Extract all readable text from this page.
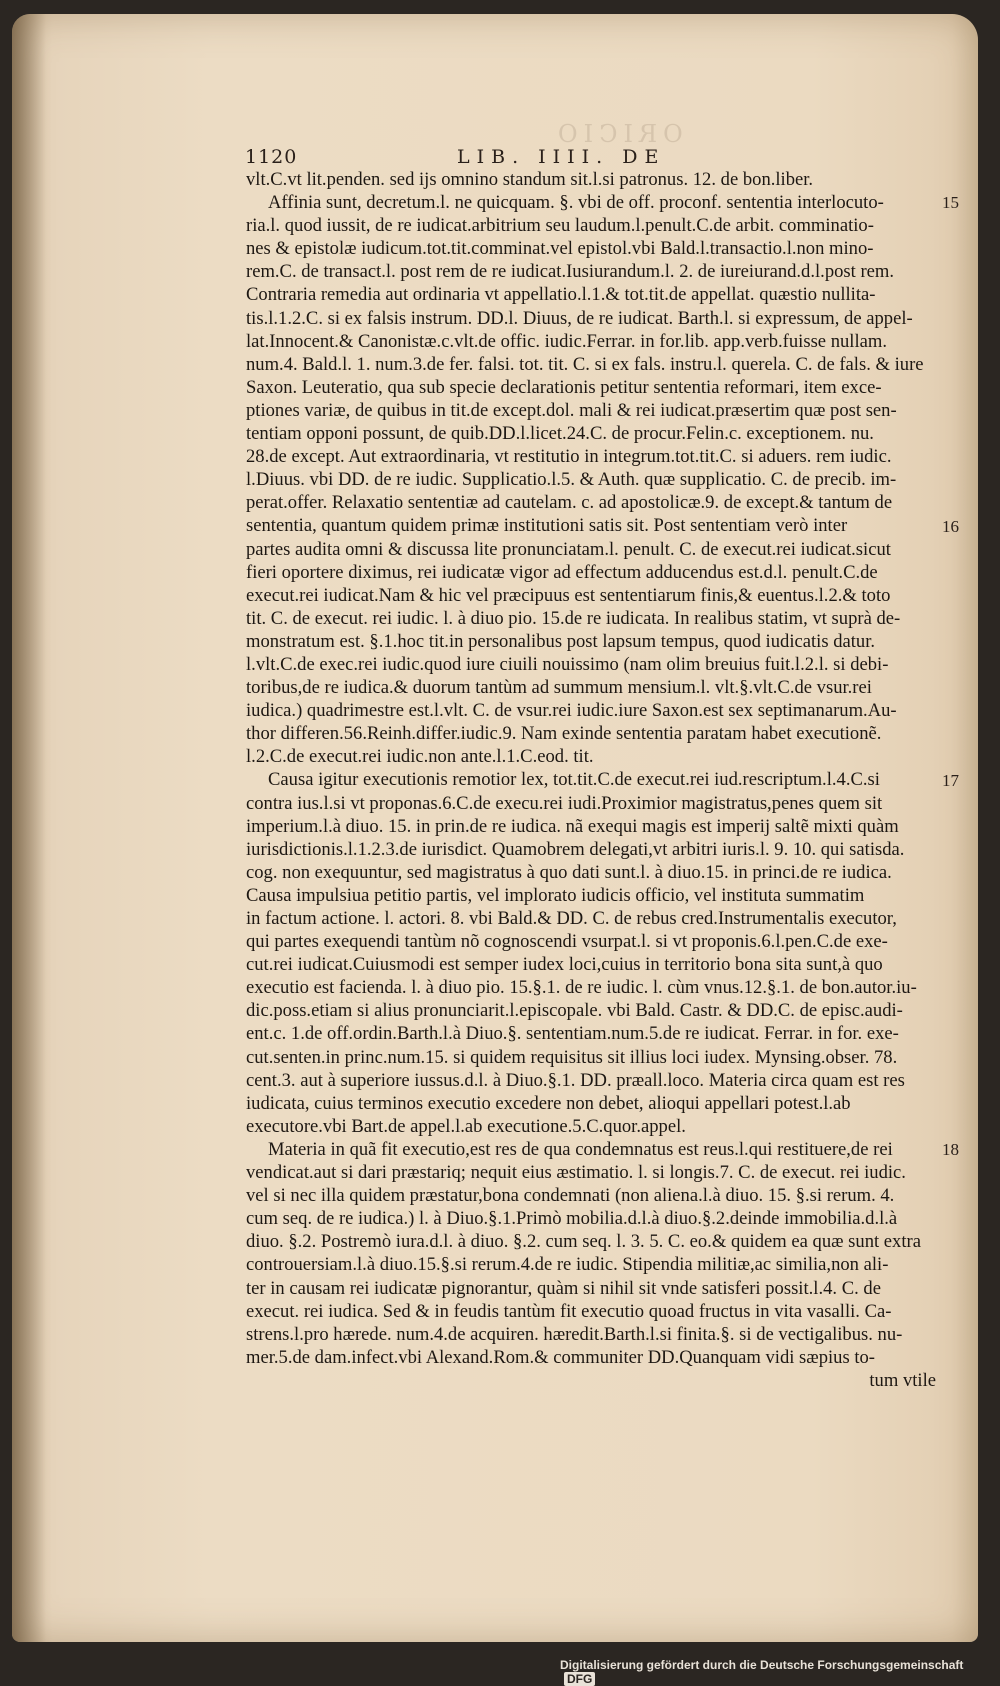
ORICIO
1120	LIB. IIII. DE
vlt.C.vt lit.penden. sed ijs omnino standum sit.l.si patronus. 12. de bon.liber.
Affinia sunt, decretum.l. ne quicquam. §. vbi de off. proconf. sententia interlocuto-
ria.l. quod iussit, de re iudicat.arbitrium seu laudum.l.penult.C.de arbit. comminatio-
nes & epistolæ iudicum.tot.tit.comminat.vel epistol.vbi Bald.l.transactio.l.non mino-
rem.C. de transact.l. post rem de re iudicat.Iusiurandum.l. 2. de iureiurand.d.l.post rem.
Contraria remedia aut ordinaria vt appellatio.l.1.& tot.tit.de appellat. quæstio nullita-
tis.l.1.2.C. si ex falsis instrum. DD.l. Diuus, de re iudicat. Barth.l. si expressum, de appel-
lat.Innocent.& Canonistæ.c.vlt.de offic. iudic.Ferrar. in for.lib. app.verb.fuisse nullam.
num.4. Bald.l. 1. num.3.de fer. falsi. tot. tit. C. si ex fals. instru.l. querela. C. de fals. & iure
Saxon. Leuteratio, qua sub specie declarationis petitur sententia reformari, item exce-
ptiones variæ, de quibus in tit.de except.dol. mali & rei iudicat.præsertim quæ post sen-
tentiam opponi possunt, de quib.DD.l.licet.24.C. de procur.Felin.c. exceptionem. nu.
28.de except. Aut extraordinaria, vt restitutio in integrum.tot.tit.C. si aduers. rem iudic.
l.Diuus. vbi DD. de re iudic. Supplicatio.l.5. & Auth. quæ supplicatio. C. de precib. im-
perat.offer. Relaxatio sententiæ ad cautelam. c. ad apostolicæ.9. de except.& tantum de
sententia, quantum quidem primæ institutioni satis sit. Post sententiam verò inter
partes audita omni & discussa lite pronunciatam.l. penult. C. de execut.rei iudicat.sicut
fieri oportere diximus, rei iudicatæ vigor ad effectum adducendus est.d.l. penult.C.de
execut.rei iudicat.Nam & hic vel præcipuus est sententiarum finis,& euentus.l.2.& toto
tit. C. de execut. rei iudic. l. à diuo pio. 15.de re iudicata. In realibus statim, vt suprà de-
monstratum est. §.1.hoc tit.in personalibus post lapsum tempus, quod iudicatis datur.
l.vlt.C.de exec.rei iudic.quod iure ciuili nouissimo (nam olim breuius fuit.l.2.l. si debi-
toribus,de re iudica.& duorum tantùm ad summum mensium.l. vlt.§.vlt.C.de vsur.rei
iudica.) quadrimestre est.l.vlt. C. de vsur.rei iudic.iure Saxon.est sex septimanarum.Au-
thor differen.56.Reinh.differ.iudic.9. Nam exinde sententia paratam habet executionẽ.
l.2.C.de execut.rei iudic.non ante.l.1.C.eod. tit.
Causa igitur executionis remotior lex, tot.tit.C.de execut.rei iud.rescriptum.l.4.C.si
contra ius.l.si vt proponas.6.C.de execu.rei iudi.Proximior magistratus,penes quem sit
imperium.l.à diuo. 15. in prin.de re iudica. nã exequi magis est imperij saltẽ mixti quàm
iurisdictionis.l.1.2.3.de iurisdict. Quamobrem delegati,vt arbitri iuris.l. 9. 10. qui satisda.
cog. non exequuntur, sed magistratus à quo dati sunt.l. à diuo.15. in princi.de re iudica.
Causa impulsiua petitio partis, vel implorato iudicis officio, vel instituta summatim
in factum actione. l. actori. 8. vbi Bald.& DD. C. de rebus cred.Instrumentalis executor,
qui partes exequendi tantùm nõ cognoscendi vsurpat.l. si vt proponis.6.l.pen.C.de exe-
cut.rei iudicat.Cuiusmodi est semper iudex loci,cuius in territorio bona sita sunt,à quo
executio est facienda. l. à diuo pio. 15.§.1. de re iudic. l. cùm vnus.12.§.1. de bon.autor.iu-
dic.poss.etiam si alius pronunciarit.l.episcopale. vbi Bald. Castr. & DD.C. de episc.audi-
ent.c. 1.de off.ordin.Barth.l.à Diuo.§. sententiam.num.5.de re iudicat. Ferrar. in for. exe-
cut.senten.in princ.num.15. si quidem requisitus sit illius loci iudex. Mynsing.obser. 78.
cent.3. aut à superiore iussus.d.l. à Diuo.§.1. DD. præall.loco. Materia circa quam est res
iudicata, cuius terminos executio excedere non debet, alioqui appellari potest.l.ab
executore.vbi Bart.de appel.l.ab executione.5.C.quor.appel.
Materia in quã fit executio,est res de qua condemnatus est reus.l.qui restituere,de rei
vendicat.aut si dari præstariq; nequit eius æstimatio. l. si longis.7. C. de execut. rei iudic.
vel si nec illa quidem præstatur,bona condemnati (non aliena.l.à diuo. 15. §.si rerum. 4.
cum seq. de re iudica.) l. à Diuo.§.1.Primò mobilia.d.l.à diuo.§.2.deinde immobilia.d.l.à
diuo. §.2. Postremò iura.d.l. à diuo. §.2. cum seq. l. 3. 5. C. eo.& quidem ea quæ sunt extra
controuersiam.l.à diuo.15.§.si rerum.4.de re iudic. Stipendia militiæ,ac similia,non ali-
ter in causam rei iudicatæ pignorantur, quàm si nihil sit vnde satisferi possit.l.4. C. de
execut. rei iudica. Sed & in feudis tantùm fit executio quoad fructus in vita vasalli. Ca-
strens.l.pro hærede. num.4.de acquiren. hæredit.Barth.l.si finita.§. si de vectigalibus. nu-
mer.5.de dam.infect.vbi Alexand.Rom.& communiter DD.Quanquam vidi sæpius to-
tum vtile
15
16
17
18
Digitalisierung gefördert durch die Deutsche Forschungsgemeinschaft DFG
